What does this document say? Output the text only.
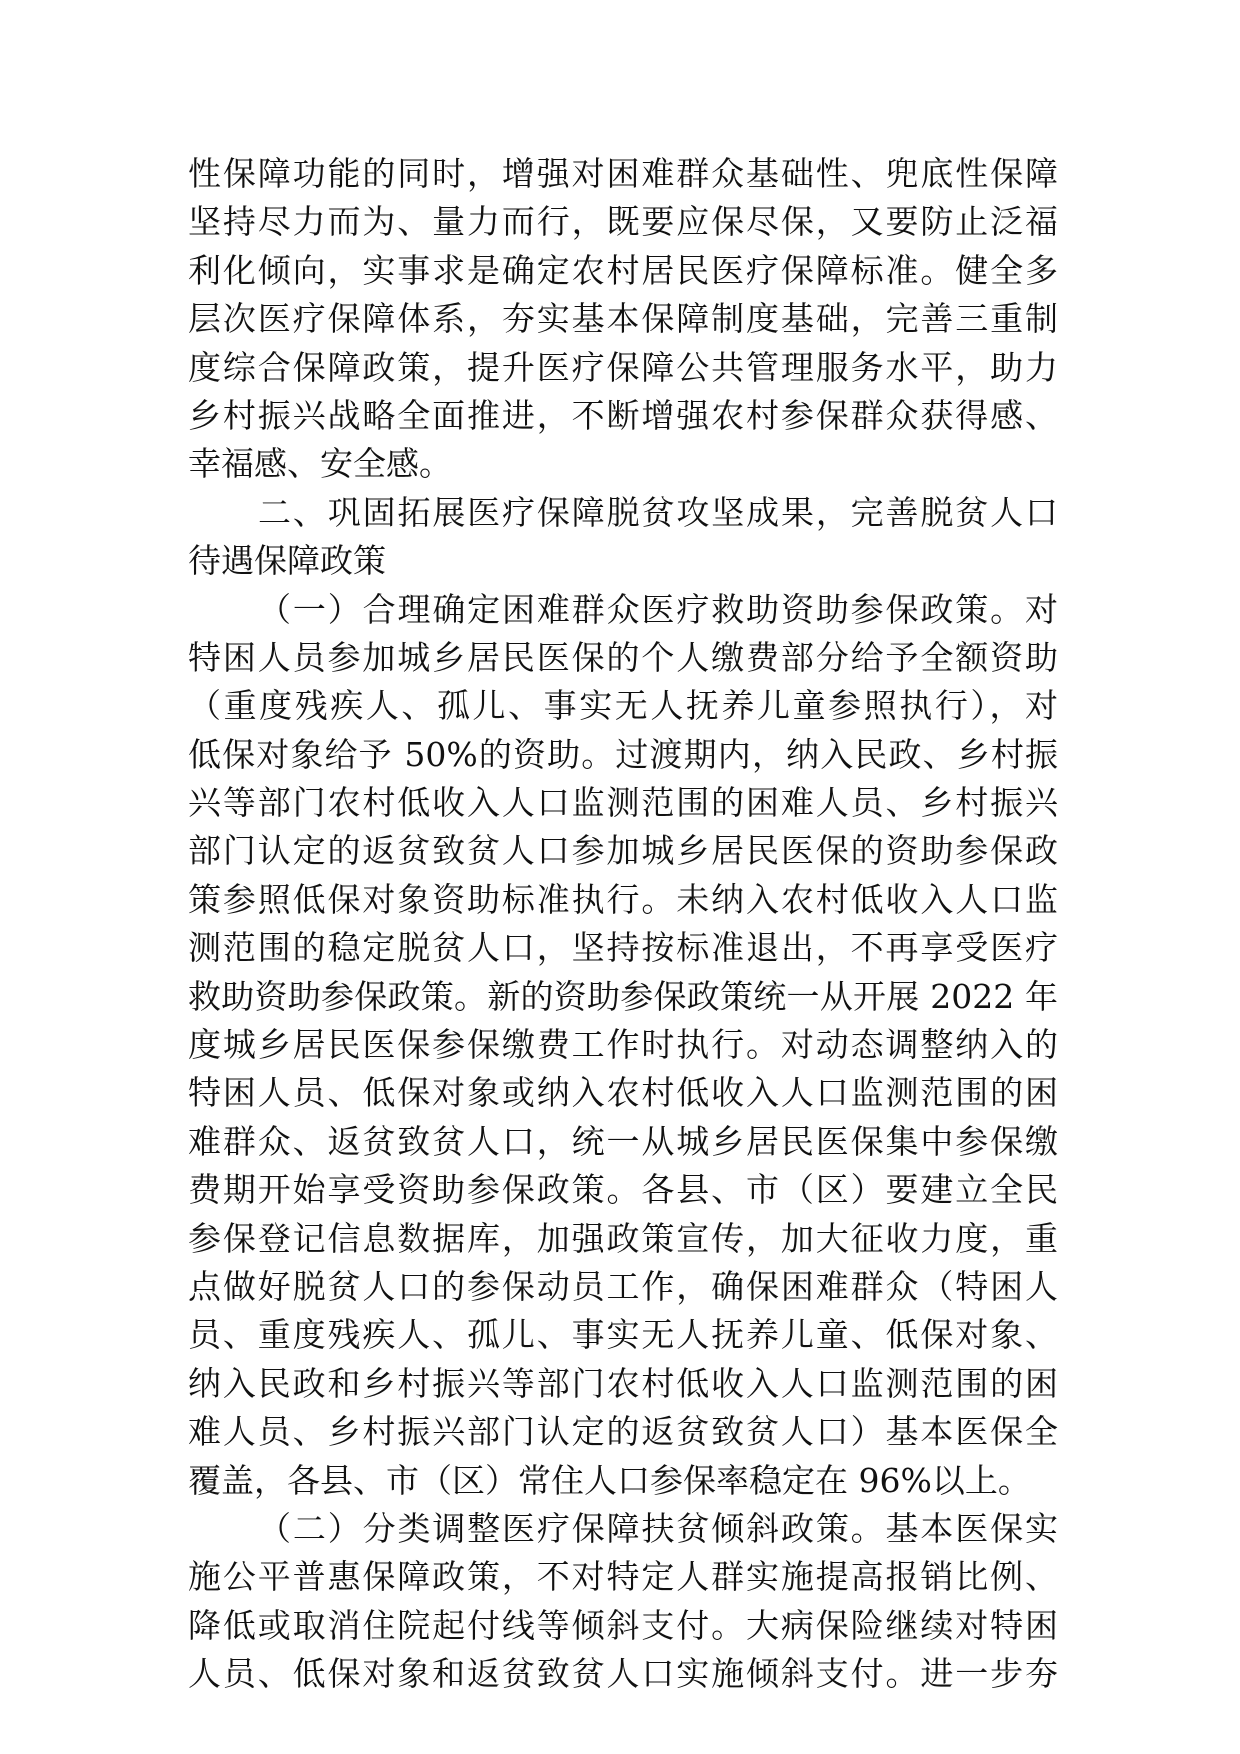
性保障功能的同时，增强对困难群众基础性、兜底性保障
坚持尽力而为、量力而行，既要应保尽保，又要防止泛福
利化倾向，实事求是确定农村居民医疗保障标准。健全多
层次医疗保障体系，夯实基本保障制度基础，完善三重制
度综合保障政策，提升医疗保障公共管理服务水平，助力
乡村振兴战略全面推进，不断增强农村参保群众获得感、
幸福感、安全感。
二、巩固拓展医疗保障脱贫攻坚成果，完善脱贫人口
待遇保障政策
（一）合理确定困难群众医疗救助资助参保政策。对
特困人员参加城乡居民医保的个人缴费部分给予全额资助
（重度残疾人、孤儿、事实无人抚养儿童参照执行），对
低保对象给予 50%的资助。过渡期内，纳入民政、乡村振
兴等部门农村低收入人口监测范围的困难人员、乡村振兴
部门认定的返贫致贫人口参加城乡居民医保的资助参保政
策参照低保对象资助标准执行。未纳入农村低收入人口监
测范围的稳定脱贫人口，坚持按标准退出，不再享受医疗
救助资助参保政策。新的资助参保政策统一从开展 2022 年
度城乡居民医保参保缴费工作时执行。对动态调整纳入的
特困人员、低保对象或纳入农村低收入人口监测范围的困
难群众、返贫致贫人口，统一从城乡居民医保集中参保缴
费期开始享受资助参保政策。各县、市（区）要建立全民
参保登记信息数据库，加强政策宣传，加大征收力度，重
点做好脱贫人口的参保动员工作，确保困难群众（特困人
员、重度残疾人、孤儿、事实无人抚养儿童、低保对象、
纳入民政和乡村振兴等部门农村低收入人口监测范围的困
难人员、乡村振兴部门认定的返贫致贫人口）基本医保全
覆盖，各县、市（区）常住人口参保率稳定在 96%以上。
（二）分类调整医疗保障扶贫倾斜政策。基本医保实
施公平普惠保障政策，不对特定人群实施提高报销比例、
降低或取消住院起付线等倾斜支付。大病保险继续对特困
人员、低保对象和返贫致贫人口实施倾斜支付。进一步夯
